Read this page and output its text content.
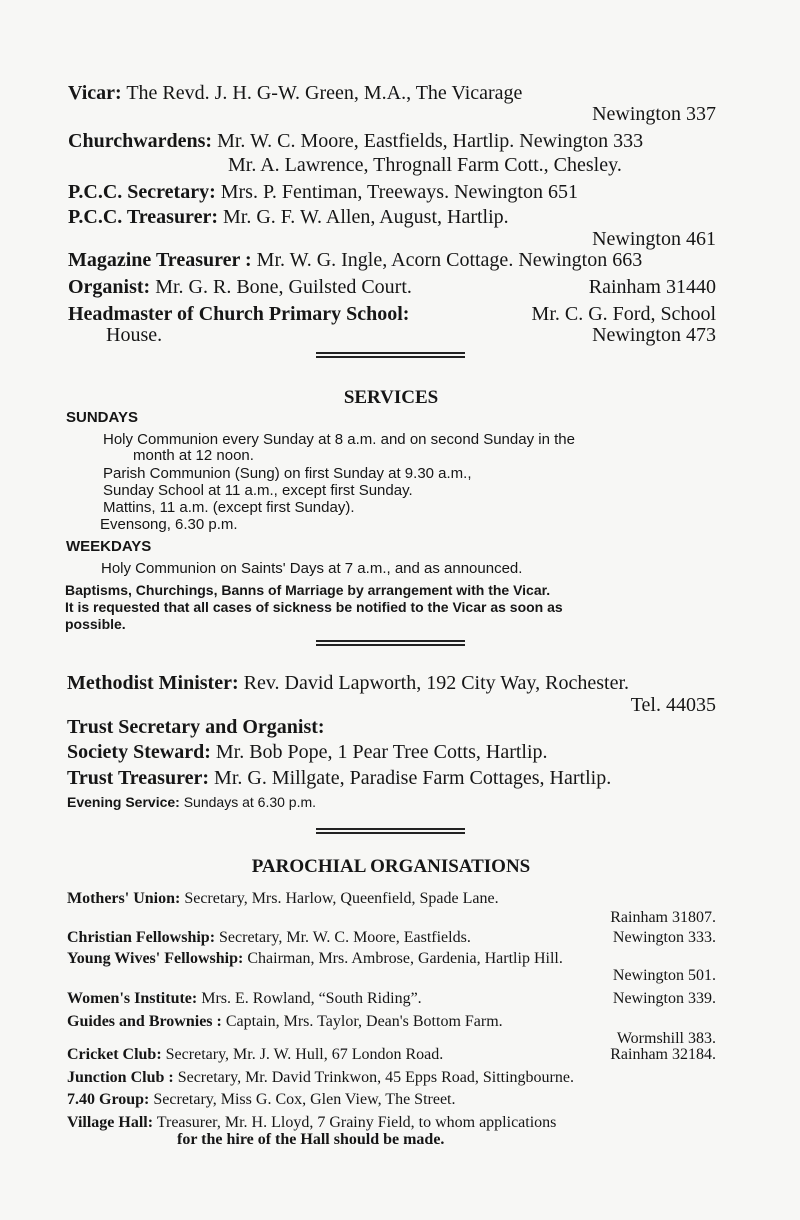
Vicar: The Revd. J. H. G-W. Green, M.A., The Vicarage
Newington 337
Churchwardens: Mr. W. C. Moore, Eastfields, Hartlip. Newington 333
Mr. A. Lawrence, Thrognall Farm Cott., Chesley.
P.C.C. Secretary: Mrs. P. Fentiman, Treeways. Newington 651
P.C.C. Treasurer: Mr. G. F. W. Allen, August, Hartlip.
Newington 461
Magazine Treasurer : Mr. W. G. Ingle, Acorn Cottage. Newington 663
Organist: Mr. G. R. Bone, Guilsted Court.	Rainham 31440
Headmaster of Church Primary School:	Mr. C. G. Ford, School
House.	Newington 473
SERVICES
SUNDAYS
Holy Communion every Sunday at 8 a.m. and on second Sunday in the
month at 12 noon.
Parish Communion (Sung) on first Sunday at 9.30 a.m.,
Sunday School at 11 a.m., except first Sunday.
Mattins, 11 a.m. (except first Sunday).
Evensong, 6.30 p.m.
WEEKDAYS
Holy Communion on Saints' Days at 7 a.m., and as announced.
Baptisms, Churchings, Banns of Marriage by arrangement with the Vicar.
It is requested that all cases of sickness be notified to the Vicar as soon as
possible.
Methodist Minister: Rev. David Lapworth, 192 City Way, Rochester.
Tel. 44035
Trust Secretary and Organist:
Society Steward: Mr. Bob Pope, 1 Pear Tree Cotts, Hartlip.
Trust Treasurer: Mr. G. Millgate, Paradise Farm Cottages, Hartlip.
Evening Service: Sundays at 6.30 p.m.
PAROCHIAL ORGANISATIONS
Mothers' Union: Secretary, Mrs. Harlow, Queenfield, Spade Lane.
Rainham 31807.
Christian Fellowship: Secretary, Mr. W. C. Moore, Eastfields.	Newington 333.
Young Wives' Fellowship: Chairman, Mrs. Ambrose, Gardenia, Hartlip Hill.
Newington 501.
Women's Institute: Mrs. E. Rowland, “South Riding”.	Newington 339.
Guides and Brownies : Captain, Mrs. Taylor, Dean's Bottom Farm.
Wormshill 383.
Cricket Club: Secretary, Mr. J. W. Hull, 67 London Road.	Rainham 32184.
Junction Club : Secretary, Mr. David Trinkwon, 45 Epps Road, Sittingbourne.
7.40 Group: Secretary, Miss G. Cox, Glen View, The Street.
Village Hall: Treasurer, Mr. H. Lloyd, 7 Grainy Field, to whom applications
for the hire of the Hall should be made.
